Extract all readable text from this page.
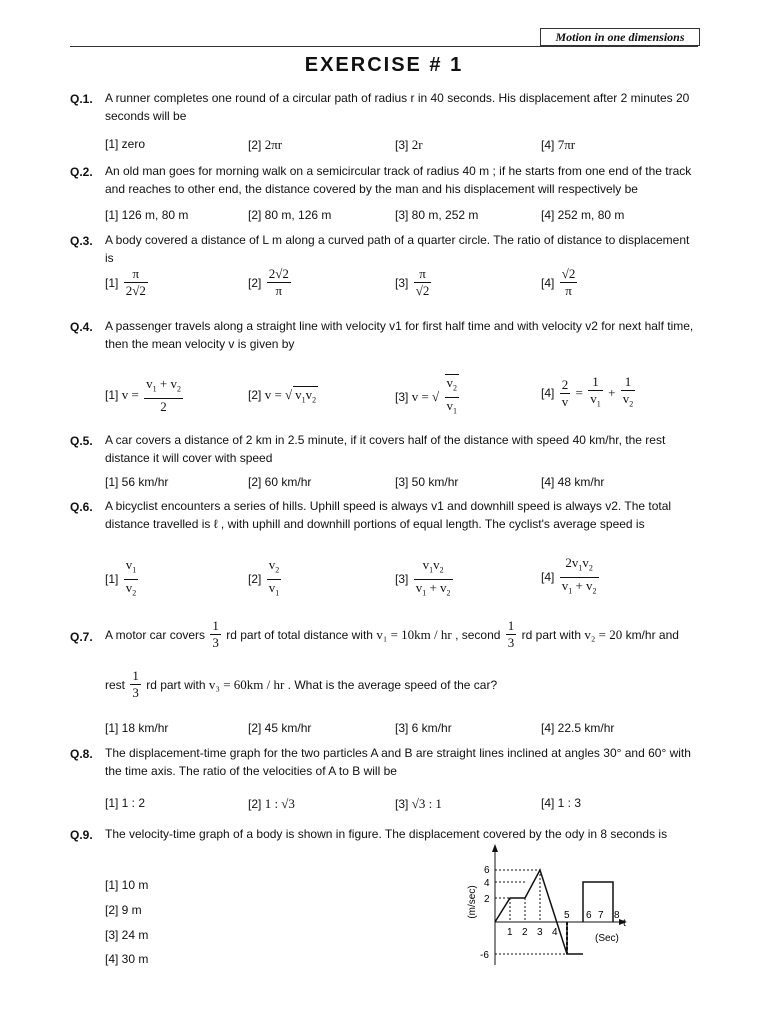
Motion in one dimensions
EXERCISE # 1
Q.1. A runner completes one round of a circular path of radius r in 40 seconds. His displacement after 2 minutes 20 seconds will be
[1] zero	[2] 2πr	[3] 2r	[4] 7πr
Q.2. An old man goes for morning walk on a semicircular track of radius 40 m ; if he starts from one end of the track and reaches to other end, the distance covered by the man and his displacement will respectively be
[1] 126 m, 80 m	[2] 80 m, 126 m	[3] 80 m, 252 m	[4] 252 m, 80 m
Q.3. A body covered a distance of L m along a curved path of a quarter circle. The ratio of distance to displacement is
$[1] \frac{\pi}{2√2}$	$[2] \frac{2√2}{\pi}$	$[3] \frac{\pi}{√2}$	$[4] \frac{√2}{\pi}$
Q.4. A passenger travels along a straight line with velocity v1 for first half time and with velocity v2 for next half time, then the mean velocity v is given by
[1] $v = \frac{v_1 + v_2}{2}$	[2] v = √ $v_1v_2$	[3] v = √ $\frac{v_2}{v_1}$	$[4] \frac{2}{v} = \frac{1}{v_1} + \frac{1}{v_2}$
Q.5. A car covers a distance of 2 km in 2.5 minute, if it covers half of the distance with speed 40 km/hr, the rest distance it will cover with speed
[1] 56 km/hr	[2] 60 km/hr	[3] 50 km/hr	[4] 48 km/hr
Q.6. A bicyclist encounters a series of hills. Uphill speed is always v1 and downhill speed is always v2. The total distance travelled is ℓ , with uphill and downhill portions of equal length. The cyclist's average speed is
$[1] \frac{v_1}{v_2}$	$[2] \frac{v_2}{v_1}$	$[3] \frac{v_1v_2}{v_1 + v_2}$	$[4] \frac{2v_1v_2}{v_1 + v_2}$
Q.7. A motor car covers $\frac{1}{3}$ rd part of total distance with v₁ = 10km / hr , second $\frac{1}{3}$ rd part with v₂ = 20 km/hr and
rest $\frac{1}{3}$ rd part with v₃ = 60km / hr . What is the average speed of the car?
[1] 18 km/hr	[2] 45 km/hr	[3] 6 km/hr	[4] 22.5 km/hr
Q.8. The displacement-time graph for the two particles A and B are straight lines inclined at angles 30° and 60° with the time axis. The ratio of the velocities of A to B will be
[1] 1 : 2	[2] 1 : √3	[3] √3 : 1	[4] 1 : 3
Q.9. The velocity-time graph of a body is shown in figure. The displacement covered by the ody in 8 seconds is
[1] 10 m
[2] 9 m
[3] 24 m
[4] 30 m
(m/sec)
6
4
2
-6
1 2 3 4
5 6 7 8
t
(Sec)
